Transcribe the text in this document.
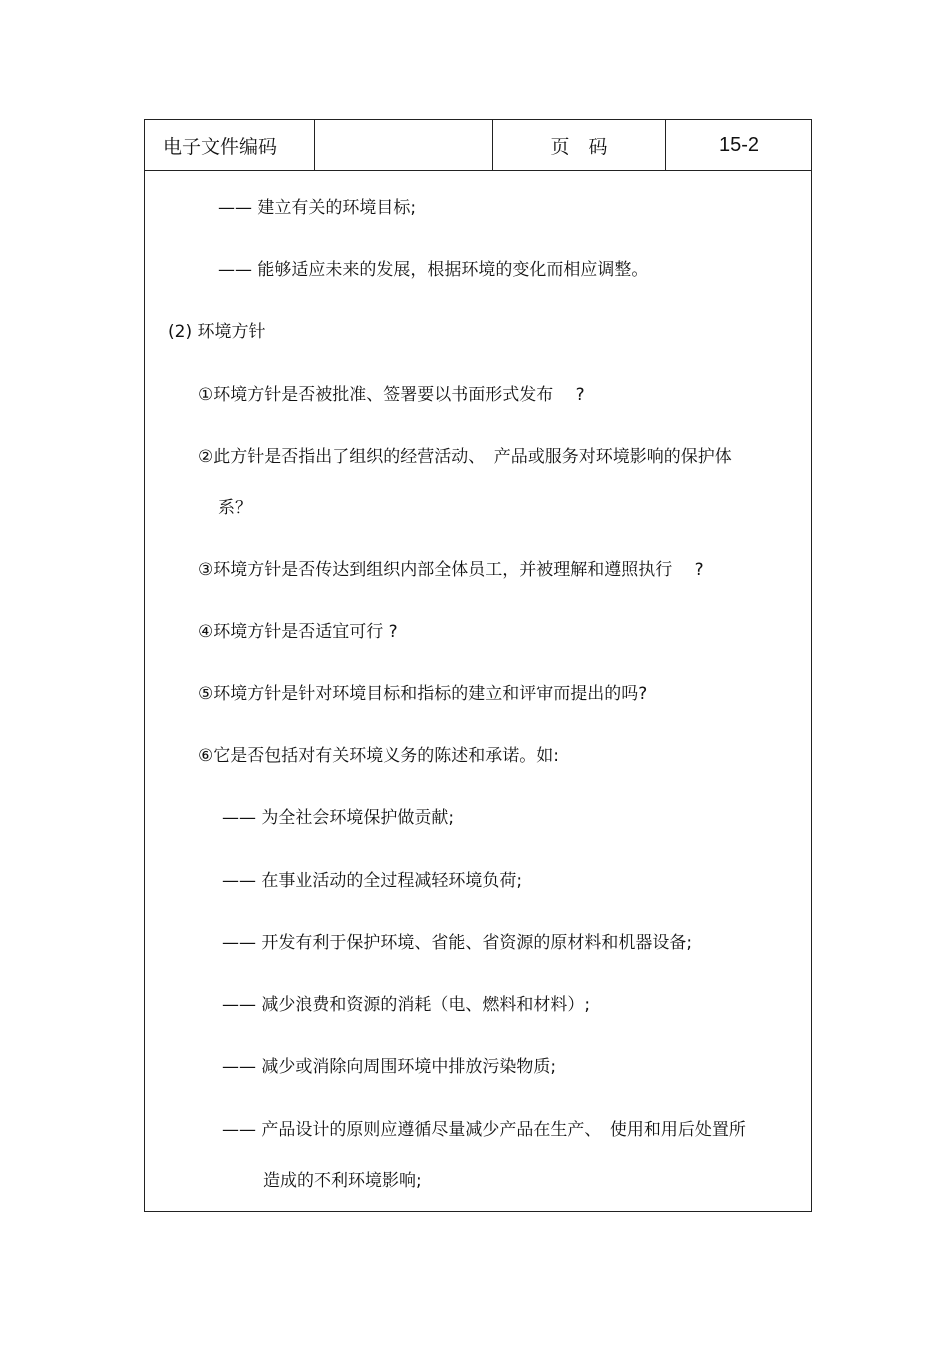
电子文件编码	页　码	15-2
—— 建立有关的环境目标;
—— 能够适应未来的发展，根据环境的变化而相应调整。
(2) 环境方针
①环境方针是否被批准、签署要以书面形式发布　 ?
②此方针是否指出了组织的经营活动、　产品或服务对环境影响的保护体
系？
③环境方针是否传达到组织内部全体员工，并被理解和遵照执行　 ?
④环境方针是否适宜可行 ?
⑤环境方针是针对环境目标和指标的建立和评审而提出的吗?
⑥它是否包括对有关环境义务的陈述和承诺。如:
—— 为全社会环境保护做贡献;
—— 在事业活动的全过程减轻环境负荷;
—— 开发有利于保护环境、省能、省资源的原材料和机器设备;
—— 减少浪费和资源的消耗（电、燃料和材料）;
—— 减少或消除向周围环境中排放污染物质;
—— 产品设计的原则应遵循尽量减少产品在生产、　使用和用后处置所
造成的不利环境影响;
